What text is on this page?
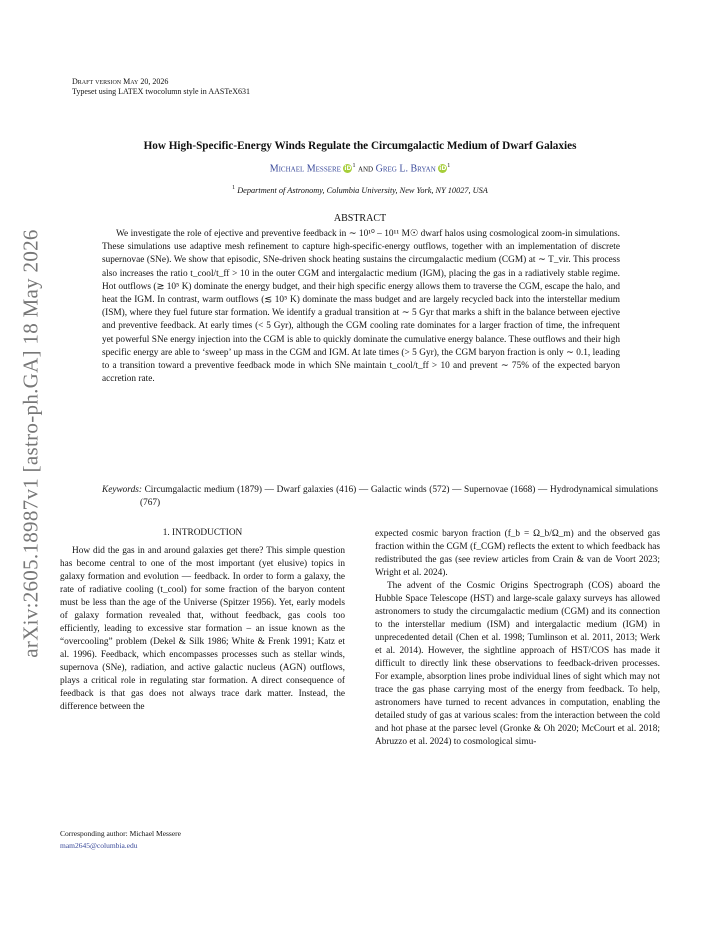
arXiv:2605.18987v1 [astro-ph.GA] 18 May 2026
Draft version May 20, 2026
Typeset using LATEX twocolumn style in AASTeX631
How High-Specific-Energy Winds Regulate the Circumgalactic Medium of Dwarf Galaxies
Michael Messere $iD^1$ and Greg L. Bryan $iD^1$
$^1$ Department of Astronomy, Columbia University, New York, NY 10027, USA
ABSTRACT
We investigate the role of ejective and preventive feedback in ∼ 10¹⁰ – 10¹¹ M☉ dwarf halos using cosmological zoom-in simulations. These simulations use adaptive mesh refinement to capture high-specific-energy outflows, together with an implementation of discrete supernovae (SNe). We show that episodic, SNe-driven shock heating sustains the circumgalactic medium (CGM) at ∼ T_vir. This process also increases the ratio t_cool/t_ff > 10 in the outer CGM and intergalactic medium (IGM), placing the gas in a radiatively stable regime. Hot outflows (≳ 10⁵ K) dominate the energy budget, and their high specific energy allows them to traverse the CGM, escape the halo, and heat the IGM. In contrast, warm outflows (≲ 10⁵ K) dominate the mass budget and are largely recycled back into the interstellar medium (ISM), where they fuel future star formation. We identify a gradual transition at ∼ 5 Gyr that marks a shift in the balance between ejective and preventive feedback. At early times (< 5 Gyr), although the CGM cooling rate dominates for a larger fraction of time, the infrequent yet powerful SNe energy injection into the CGM is able to quickly dominate the cumulative energy balance. These outflows and their high specific energy are able to ‘sweep’ up mass in the CGM and IGM. At late times (> 5 Gyr), the CGM baryon fraction is only ∼ 0.1, leading to a transition toward a preventive feedback mode in which SNe maintain t_cool/t_ff > 10 and prevent ∼ 75% of the expected baryon accretion rate.
Keywords: Circumgalactic medium (1879) — Dwarf galaxies (416) — Galactic winds (572) — Supernovae (1668) — Hydrodynamical simulations (767)
1. INTRODUCTION

How did the gas in and around galaxies get there? This simple question has become central to one of the most important (yet elusive) topics in galaxy formation and evolution — feedback. In order to form a galaxy, the rate of radiative cooling (t_cool) for some fraction of the baryon content must be less than the age of the Universe (Spitzer 1956). Yet, early models of galaxy formation revealed that, without feedback, gas cools too efficiently, leading to excessive star formation – an issue known as the “overcooling” problem (Dekel & Silk 1986; White & Frenk 1991; Katz et al. 1996). Feedback, which encompasses processes such as stellar winds, supernova (SNe), radiation, and active galactic nucleus (AGN) outflows, plays a critical role in regulating star formation. A direct consequence of feedback is that gas does not always trace dark matter. Instead, the difference between the

Corresponding author: Michael Messere
mam2645@columbia.edu

expected cosmic baryon fraction (f_b = Ω_b/Ω_m) and the observed gas fraction within the CGM (f_CGM) reflects the extent to which feedback has redistributed the gas (see review articles from Crain & van de Voort 2023; Wright et al. 2024).

The advent of the Cosmic Origins Spectrograph (COS) aboard the Hubble Space Telescope (HST) and large-scale galaxy surveys has allowed astronomers to study the circumgalactic medium (CGM) and its connection to the interstellar medium (ISM) and intergalactic medium (IGM) in unprecedented detail (Chen et al. 1998; Tumlinson et al. 2011, 2013; Werk et al. 2014). However, the sightline approach of HST/COS has made it difficult to directly link these observations to feedback-driven processes. For example, absorption lines probe individual lines of sight which may not trace the gas phase carrying most of the energy from feedback. To help, astronomers have turned to recent advances in computation, enabling the detailed study of gas at various scales: from the interaction between the cold and hot phase at the parsec level (Gronke & Oh 2020; McCourt et al. 2018; Abruzzo et al. 2024) to cosmological simu-
